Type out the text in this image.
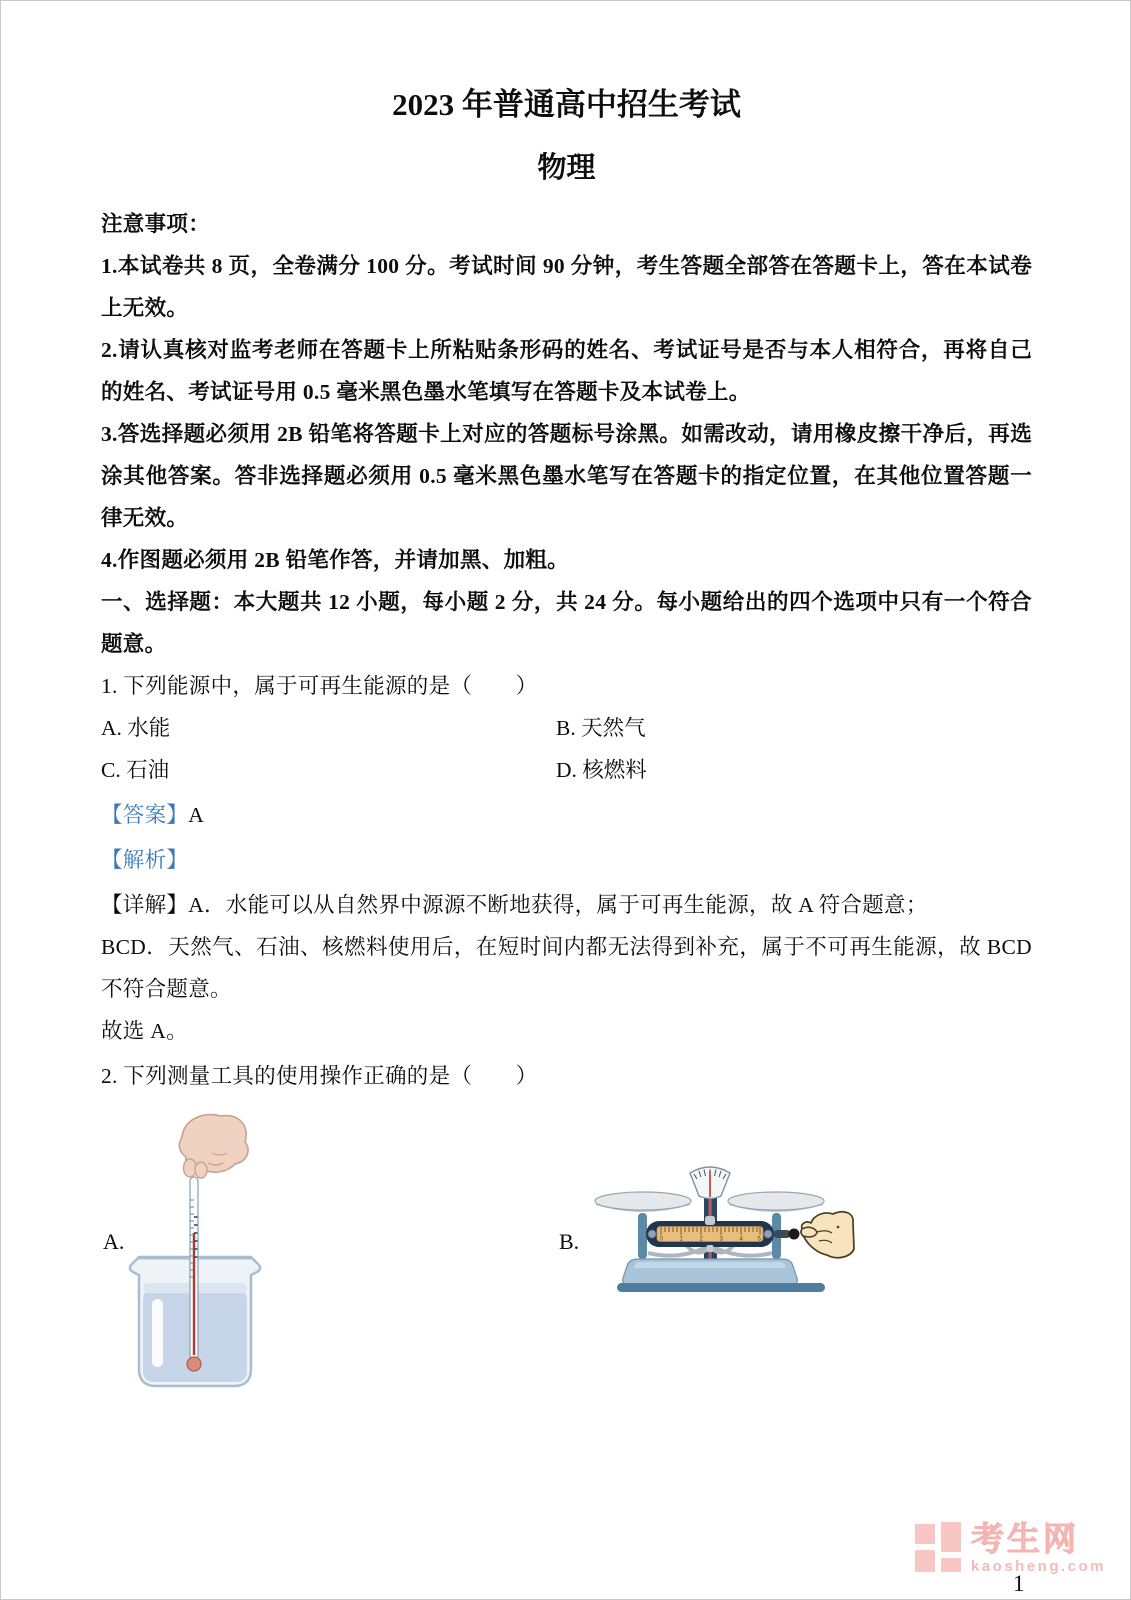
2023 年普通高中招生考试
物理

注意事项：

1.本试卷共 8 页，全卷满分 100 分。考试时间 90 分钟，考生答题全部答在答题卡上，答在本试卷上无效。

2.请认真核对监考老师在答题卡上所粘贴条形码的姓名、考试证号是否与本人相符合，再将自己的姓名、考试证号用 0.5 毫米黑色墨水笔填写在答题卡及本试卷上。

3.答选择题必须用 2B 铅笔将答题卡上对应的答题标号涂黑。如需改动，请用橡皮擦干净后，再选涂其他答案。答非选择题必须用 0.5 毫米黑色墨水笔写在答题卡的指定位置，在其他位置答题一律无效。

4.作图题必须用 2B 铅笔作答，并请加黑、加粗。

一、选择题：本大题共 12 小题，每小题 2 分，共 24 分。每小题给出的四个选项中只有一个符合题意。

1. 下列能源中，属于可再生能源的是（　　）

A. 水能	B. 天然气
C. 石油	D. 核燃料

【答案】A

【解析】

【详解】A．水能可以从自然界中源源不断地获得，属于可再生能源，故 A 符合题意；

BCD．天然气、石油、核燃料使用后，在短时间内都无法得到补充，属于不可再生能源，故 BCD 不符合题意。

故选 A。

2. 下列测量工具的使用操作正确的是（　　）

A.	B.	0	1	2	3	4 5
考生网
kaosheng.com
1
